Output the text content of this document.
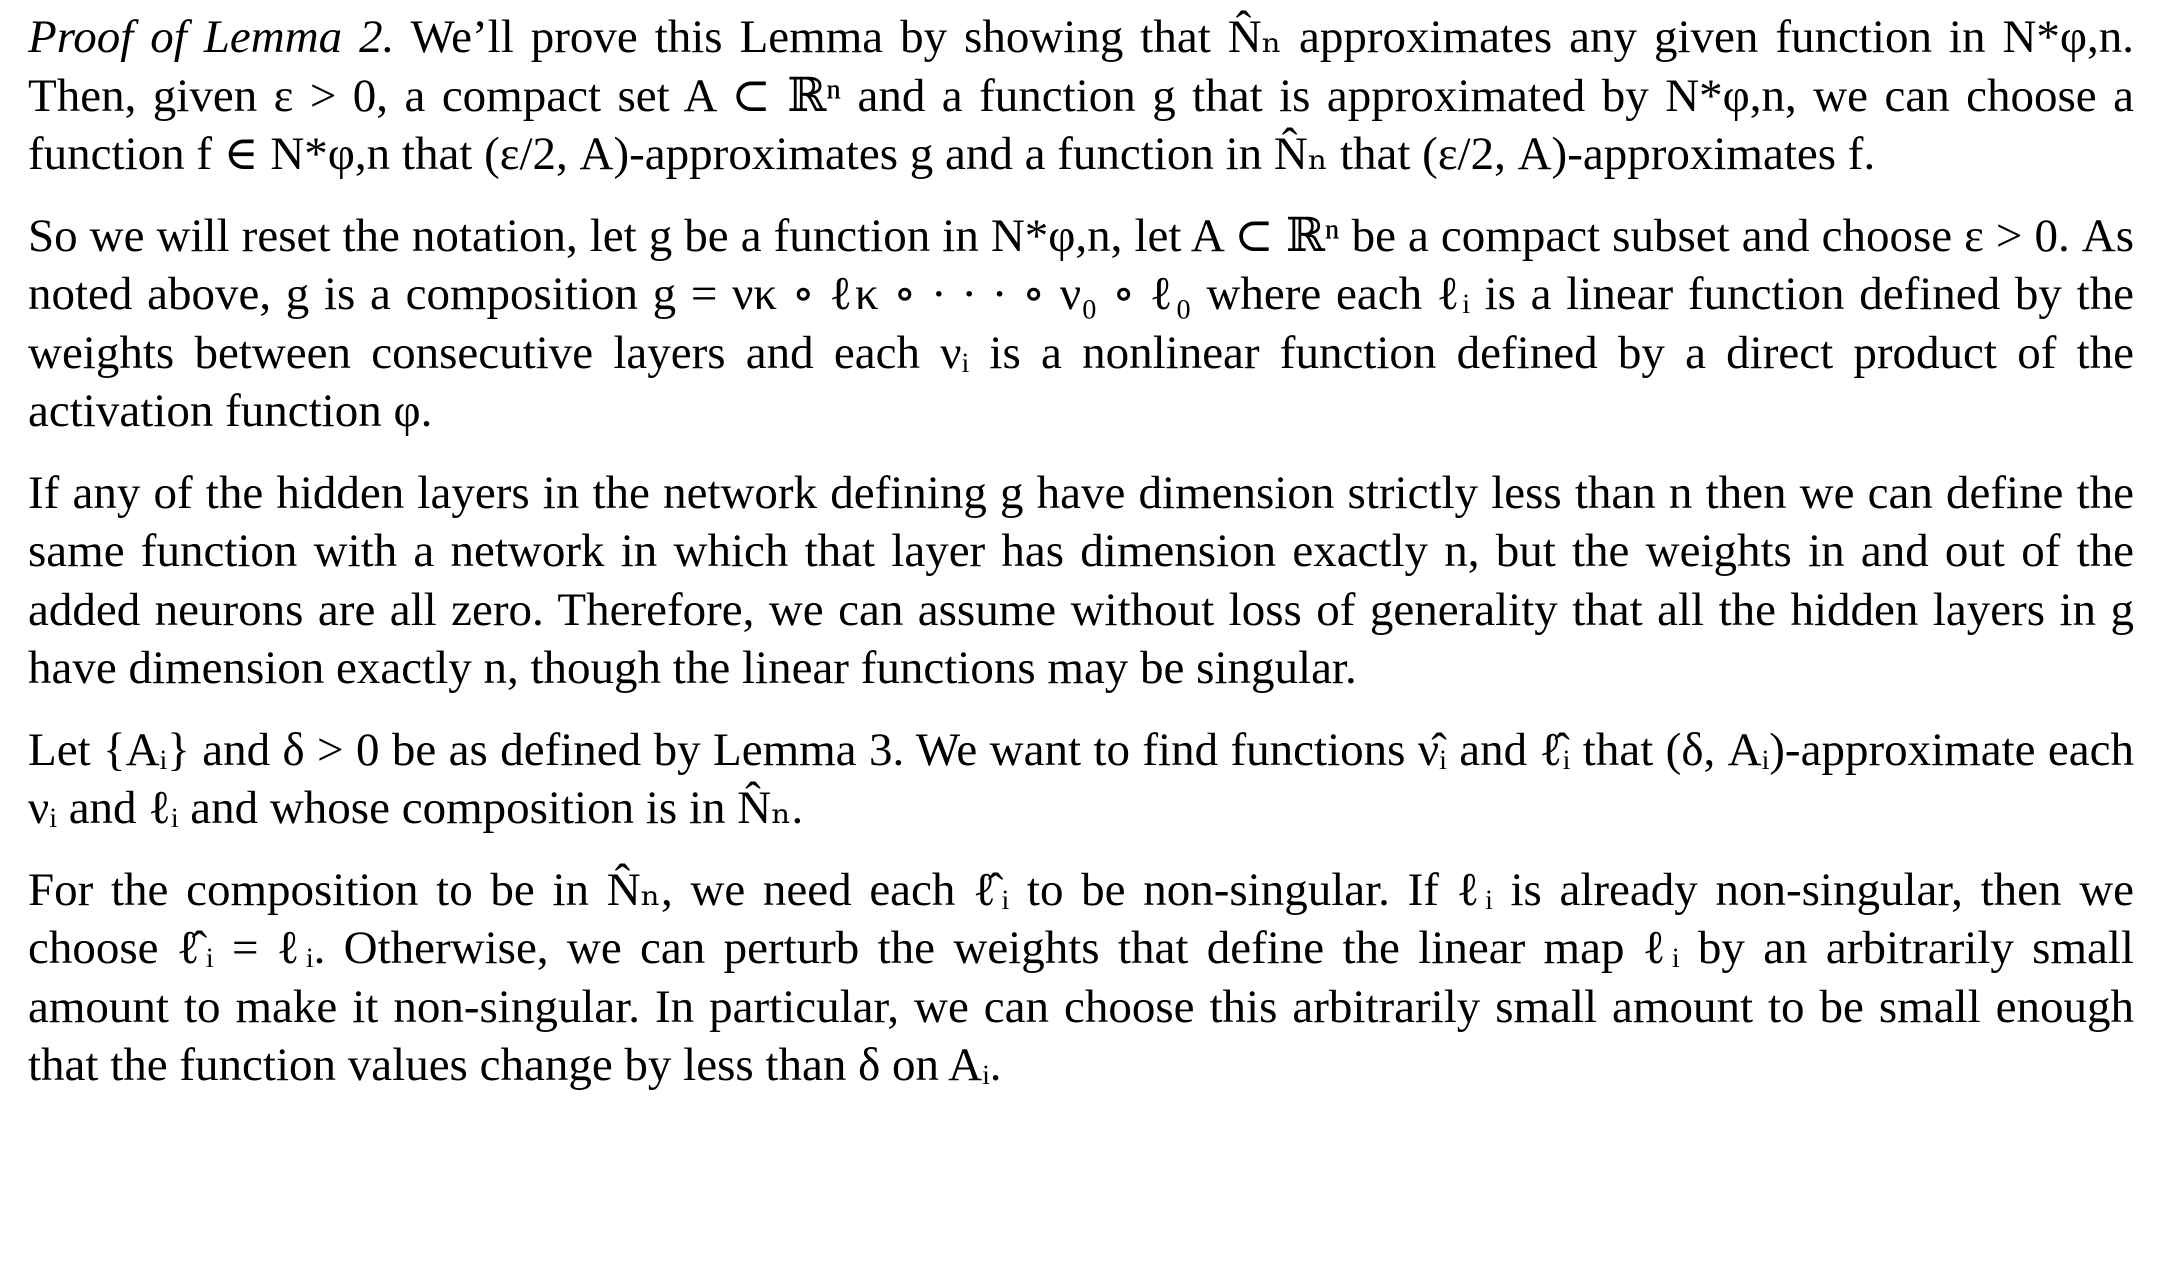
Proof of Lemma 2. We’ll prove this Lemma by showing that N̂ₙ approximates any given function in N*φ,n. Then, given ε > 0, a compact set A ⊂ ℝⁿ and a function g that is approximated by N*φ,n, we can choose a function f ∈ N*φ,n that (ε/2, A)-approximates g and a function in N̂ₙ that (ε/2, A)-approximates f.

So we will reset the notation, let g be a function in N*φ,n, let A ⊂ ℝⁿ be a compact subset and choose ε > 0. As noted above, g is a composition g = νκ ∘ ℓκ ∘ · · · ∘ ν₀ ∘ ℓ₀ where each ℓᵢ is a linear function defined by the weights between consecutive layers and each νᵢ is a nonlinear function defined by a direct product of the activation function φ.

If any of the hidden layers in the network defining g have dimension strictly less than n then we can define the same function with a network in which that layer has dimension exactly n, but the weights in and out of the added neurons are all zero. Therefore, we can assume without loss of generality that all the hidden layers in g have dimension exactly n, though the linear functions may be singular.

Let {Aᵢ} and δ > 0 be as defined by Lemma 3. We want to find functions ν̂ᵢ and ℓ̂ᵢ that (δ, Aᵢ)-approximate each νᵢ and ℓᵢ and whose composition is in N̂ₙ.

For the composition to be in N̂ₙ, we need each ℓ̂ᵢ to be non-singular. If ℓᵢ is already non-singular, then we choose ℓ̂ᵢ = ℓᵢ. Otherwise, we can perturb the weights that define the linear map ℓᵢ by an arbitrarily small amount to make it non-singular. In particular, we can choose this arbitrarily small amount to be small enough that the function values change by less than δ on Aᵢ.
